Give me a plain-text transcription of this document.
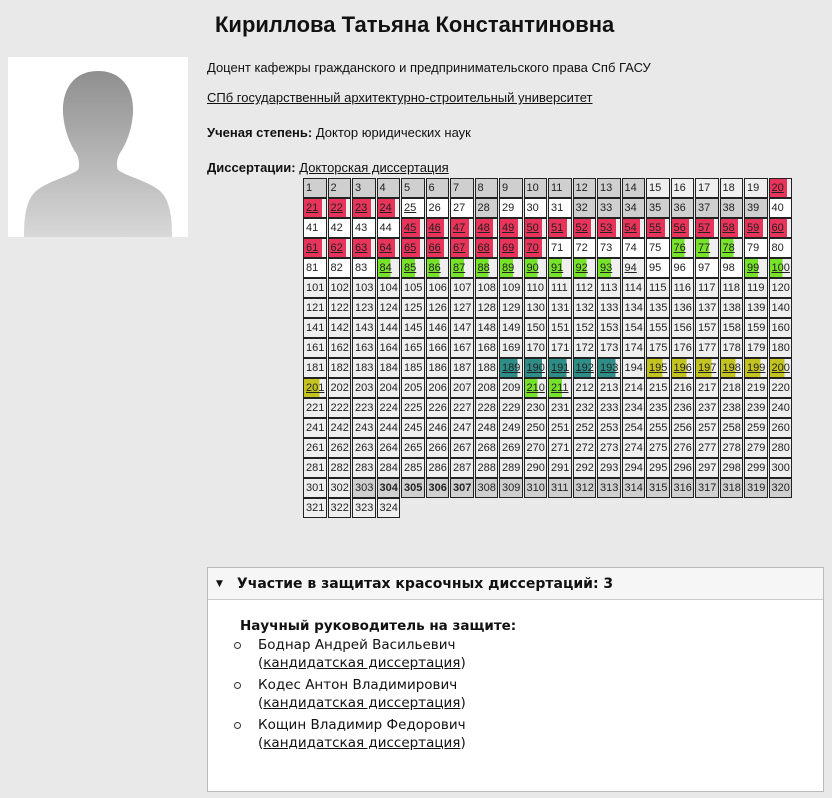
Кириллова Татьяна Константиновна
Доцент кафежры гражданского и предпринимательского права Спб ГАСУ
СПб государственный архитектурно-строительный университет
Ученая степень: Доктор юридических наук
Диссертации: Докторская диссертация
1	2	3	4	5	6	7	8	9	10	11	12	13	14	15	16	17	18	19	20
21	22	23	24	25	26	27	28	29	30	31	32	33	34	35	36	37	38	39	40
41	42	43	44	45	46	47	48	49	50	51	52	53	54	55	56	57	58	59	60
61	62	63	64	65	66	67	68	69	70	71	72	73	74	75	76	77	78	79	80
81	82	83	84	85	86	87	88	89	90	91	92	93	94	95	96	97	98	99	100
101 102 103 104 105 106 107 108 109 110 111 112 113 114 115 116 117 118 119 120
121 122 123 124 125 126 127 128 129 130 131 132 133 134 135 136 137 138 139 140
141 142 143 144 145 146 147 148 149 150 151 152 153 154 155 156 157 158 159 160
161 162 163 164 165 166 167 168 169 170 171 172 173 174 175 176 177 178 179 180
181 182 183 184 185 186 187 188 189 190 191 192 193 194 195 196 197 198 199 200
201 202 203 204 205 206 207 208 209 210 211 212 213 214 215 216 217 218 219 220
221 222 223 224 225 226 227 228 229 230 231 232 233 234 235 236 237 238 239 240
241 242 243 244 245 246 247 248 249 250 251 252 253 254 255 256 257 258 259 260
261 262 263 264 265 266 267 268 269 270 271 272 273 274 275 276 277 278 279 280
281 282 283 284 285 286 287 288 289 290 291 292 293 294 295 296 297 298 299 300
301 302 303 304 305 306 307 308 309 310 311 312 313 314 315 316 317 318 319 320
321 322 323 324
▼ Участие в защитах красочных диссертаций: 3
Научный руководитель на защите:
Боднар Андрей Васильевич
(кандидатская диссертация)
Кодес Антон Владимирович
(кандидатская диссертация)
Кощин Владимир Федорович
(кандидатская диссертация)
